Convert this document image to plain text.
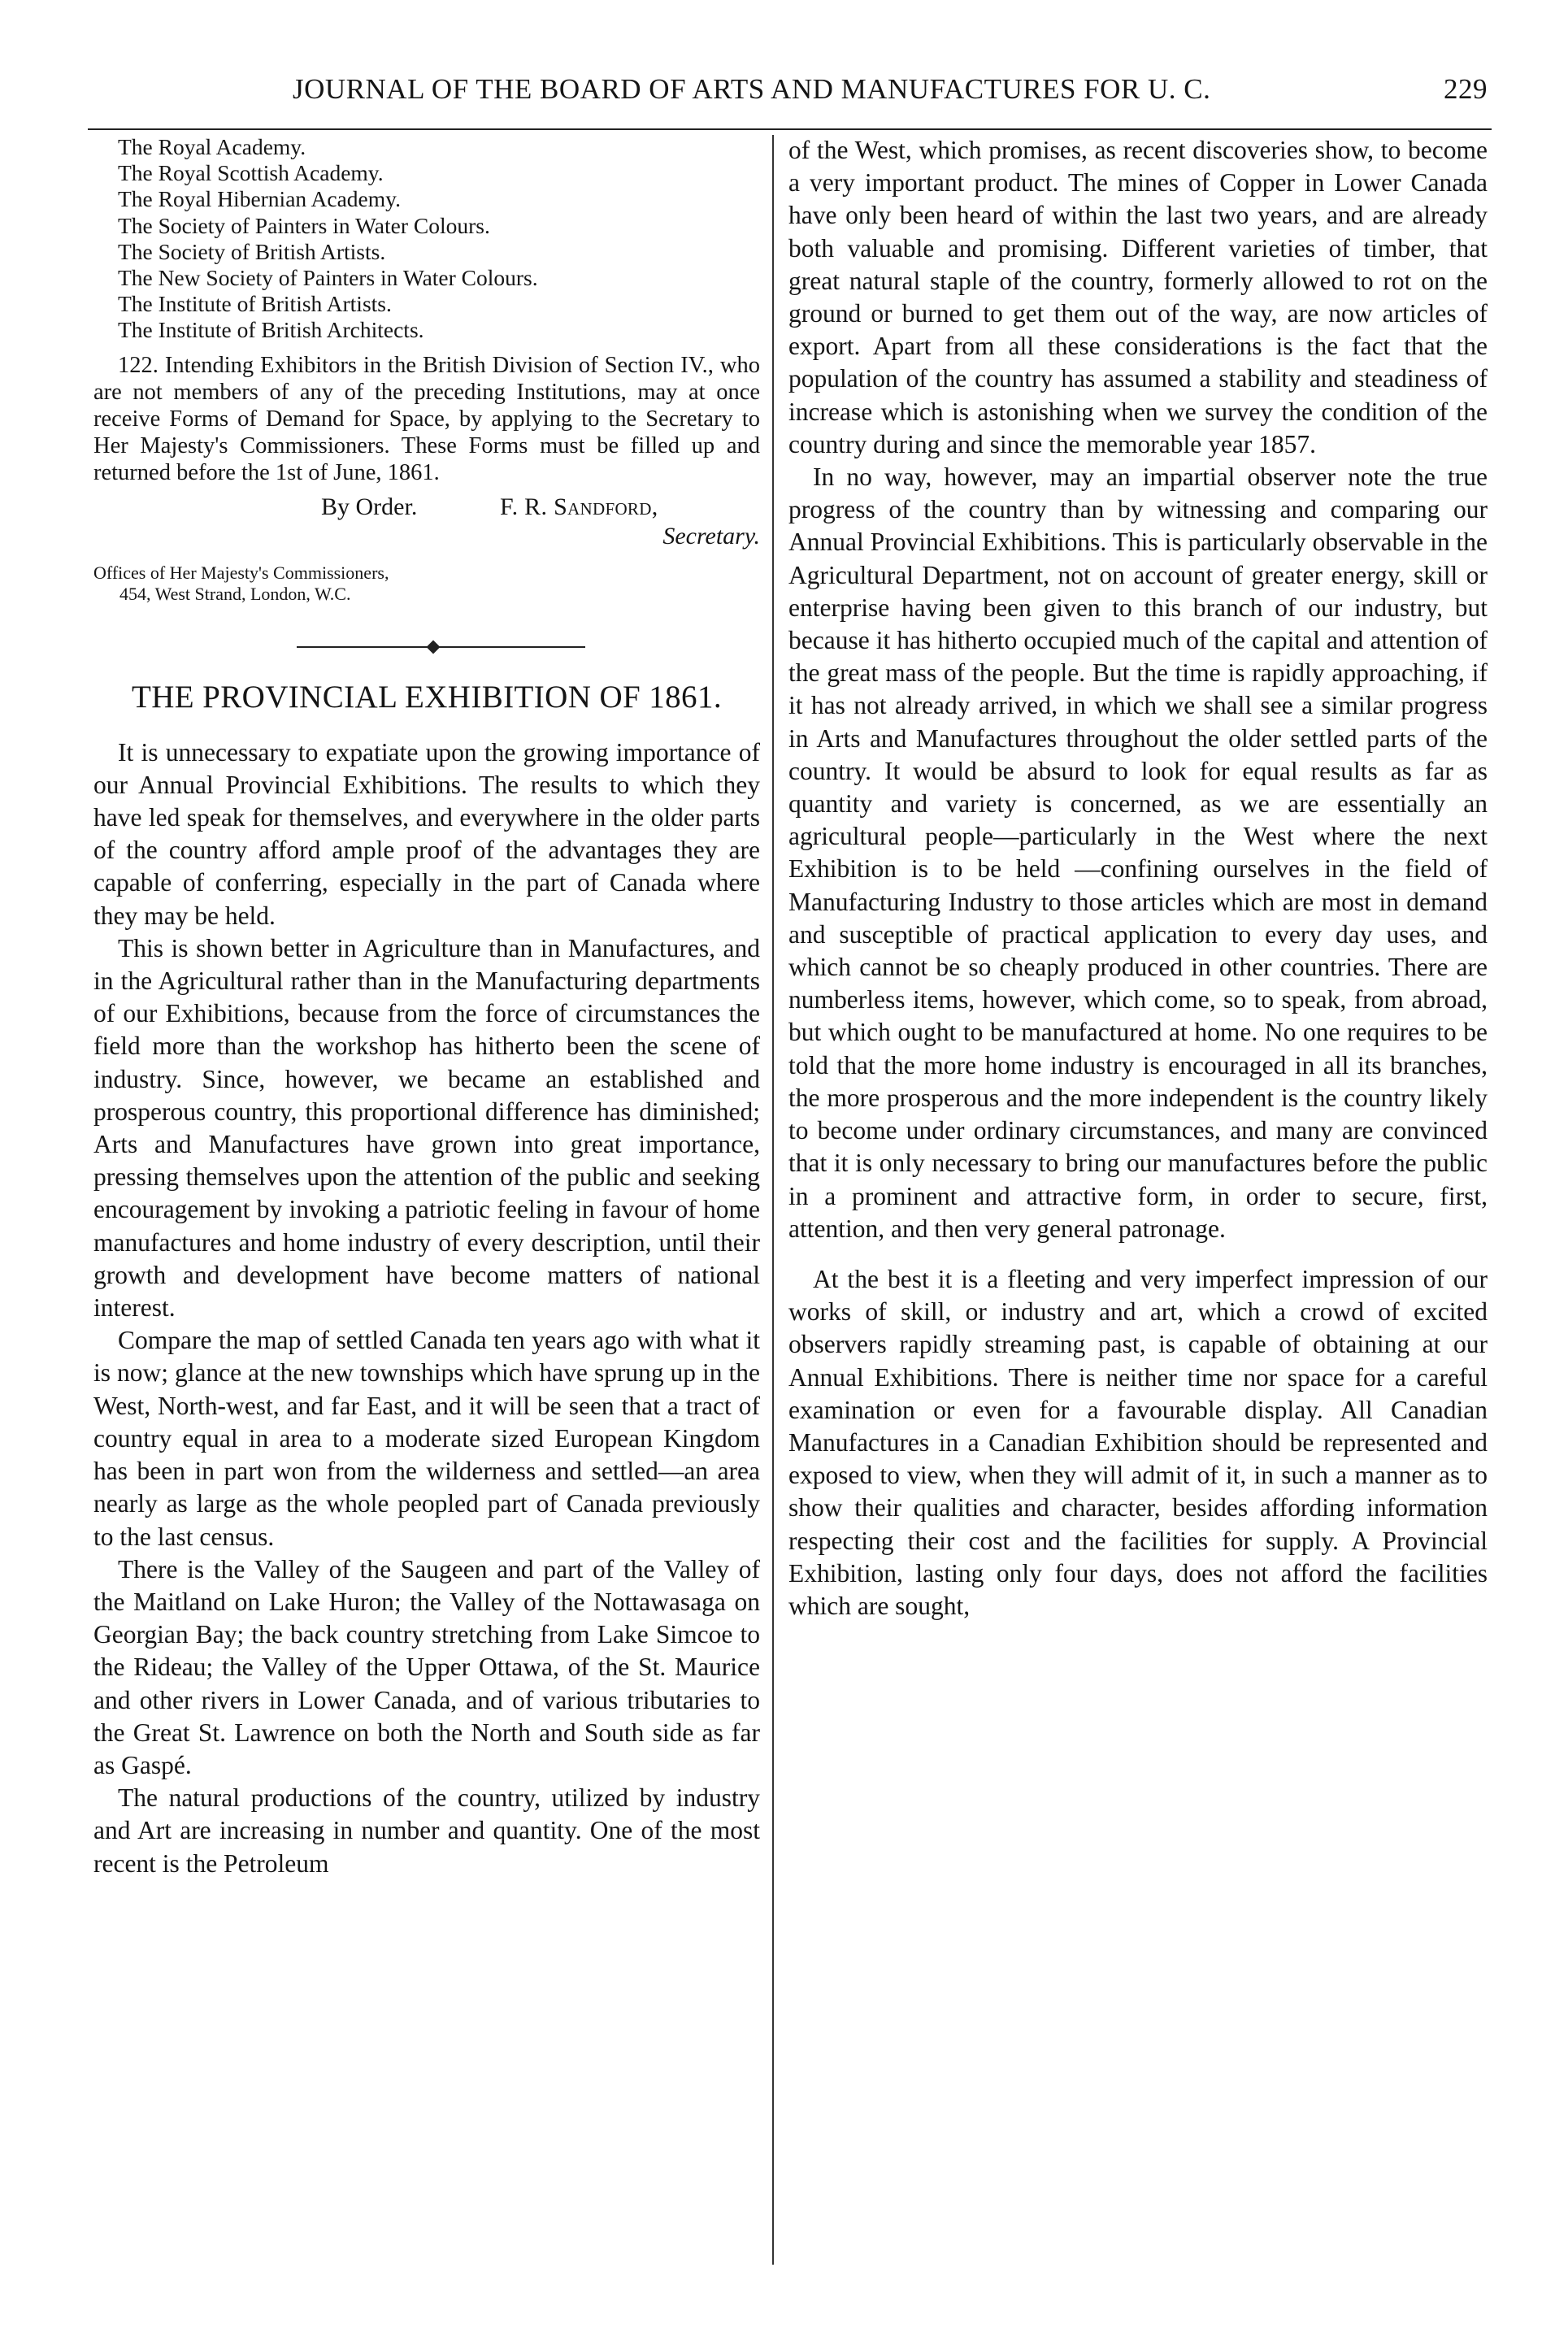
JOURNAL OF THE BOARD OF ARTS AND MANUFACTURES FOR U. C.	229
The Royal Academy.
The Royal Scottish Academy.
The Royal Hibernian Academy.
The Society of Painters in Water Colours.
The Society of British Artists.
The New Society of Painters in Water Colours.
The Institute of British Artists.
The Institute of British Architects.

122. Intending Exhibitors in the British Division of Section IV., who are not members of any of the preceding Institutions, may at once receive Forms of Demand for Space, by applying to the Secretary to Her Majesty's Commissioners. These Forms must be filled up and returned before the 1st of June, 1861.

By Order.	F. R. Sandford,
Secretary.
Offices of Her Majesty's Commissioners,
454, West Strand, London, W.C.
THE PROVINCIAL EXHIBITION OF 1861.

It is unnecessary to expatiate upon the growing importance of our Annual Provincial Exhibitions. The results to which they have led speak for themselves, and everywhere in the older parts of the country afford ample proof of the advantages they are capable of conferring, especially in the part of Canada where they may be held.

This is shown better in Agriculture than in Manufactures, and in the Agricultural rather than in the Manufacturing departments of our Exhibitions, because from the force of circumstances the field more than the workshop has hitherto been the scene of industry. Since, however, we became an established and prosperous country, this proportional difference has diminished; Arts and Manufactures have grown into great importance, pressing themselves upon the attention of the public and seeking encouragement by invoking a patriotic feeling in favour of home manufactures and home industry of every description, until their growth and development have become matters of national interest.

Compare the map of settled Canada ten years ago with what it is now; glance at the new townships which have sprung up in the West, North-west, and far East, and it will be seen that a tract of country equal in area to a moderate sized European Kingdom has been in part won from the wilderness and settled—an area nearly as large as the whole peopled part of Canada previously to the last census.

There is the Valley of the Saugeen and part of the Valley of the Maitland on Lake Huron; the Valley of the Nottawasaga on Georgian Bay; the back country stretching from Lake Simcoe to the Rideau; the Valley of the Upper Ottawa, of the St. Maurice and other rivers in Lower Canada, and of various tributaries to the Great St. Lawrence on both the North and South side as far as Gaspé.

The natural productions of the country, utilized by industry and Art are increasing in number and quantity. One of the most recent is the Petroleum

of the West, which promises, as recent discoveries show, to become a very important product. The mines of Copper in Lower Canada have only been heard of within the last two years, and are already both valuable and promising. Different varieties of timber, that great natural staple of the country, formerly allowed to rot on the ground or burned to get them out of the way, are now articles of export. Apart from all these considerations is the fact that the population of the country has assumed a stability and steadiness of increase which is astonishing when we survey the condition of the country during and since the memorable year 1857.

In no way, however, may an impartial observer note the true progress of the country than by witnessing and comparing our Annual Provincial Exhibitions. This is particularly observable in the Agricultural Department, not on account of greater energy, skill or enterprise having been given to this branch of our industry, but because it has hitherto occupied much of the capital and attention of the great mass of the people. But the time is rapidly approaching, if it has not already arrived, in which we shall see a similar progress in Arts and Manufactures throughout the older settled parts of the country. It would be absurd to look for equal results as far as quantity and variety is concerned, as we are essentially an agricultural people—particularly in the West where the next Exhibition is to be held —confining ourselves in the field of Manufacturing Industry to those articles which are most in demand and susceptible of practical application to every day uses, and which cannot be so cheaply produced in other countries. There are numberless items, however, which come, so to speak, from abroad, but which ought to be manufactured at home. No one requires to be told that the more home industry is encouraged in all its branches, the more prosperous and the more independent is the country likely to become under ordinary circumstances, and many are convinced that it is only necessary to bring our manufactures before the public in a prominent and attractive form, in order to secure, first, attention, and then very general patronage.

At the best it is a fleeting and very imperfect impression of our works of skill, or industry and art, which a crowd of excited observers rapidly streaming past, is capable of obtaining at our Annual Exhibitions. There is neither time nor space for a careful examination or even for a favourable display. All Canadian Manufactures in a Canadian Exhibition should be represented and exposed to view, when they will admit of it, in such a manner as to show their qualities and character, besides affording information respecting their cost and the facilities for supply. A Provincial Exhibition, lasting only four days, does not afford the facilities which are sought,
